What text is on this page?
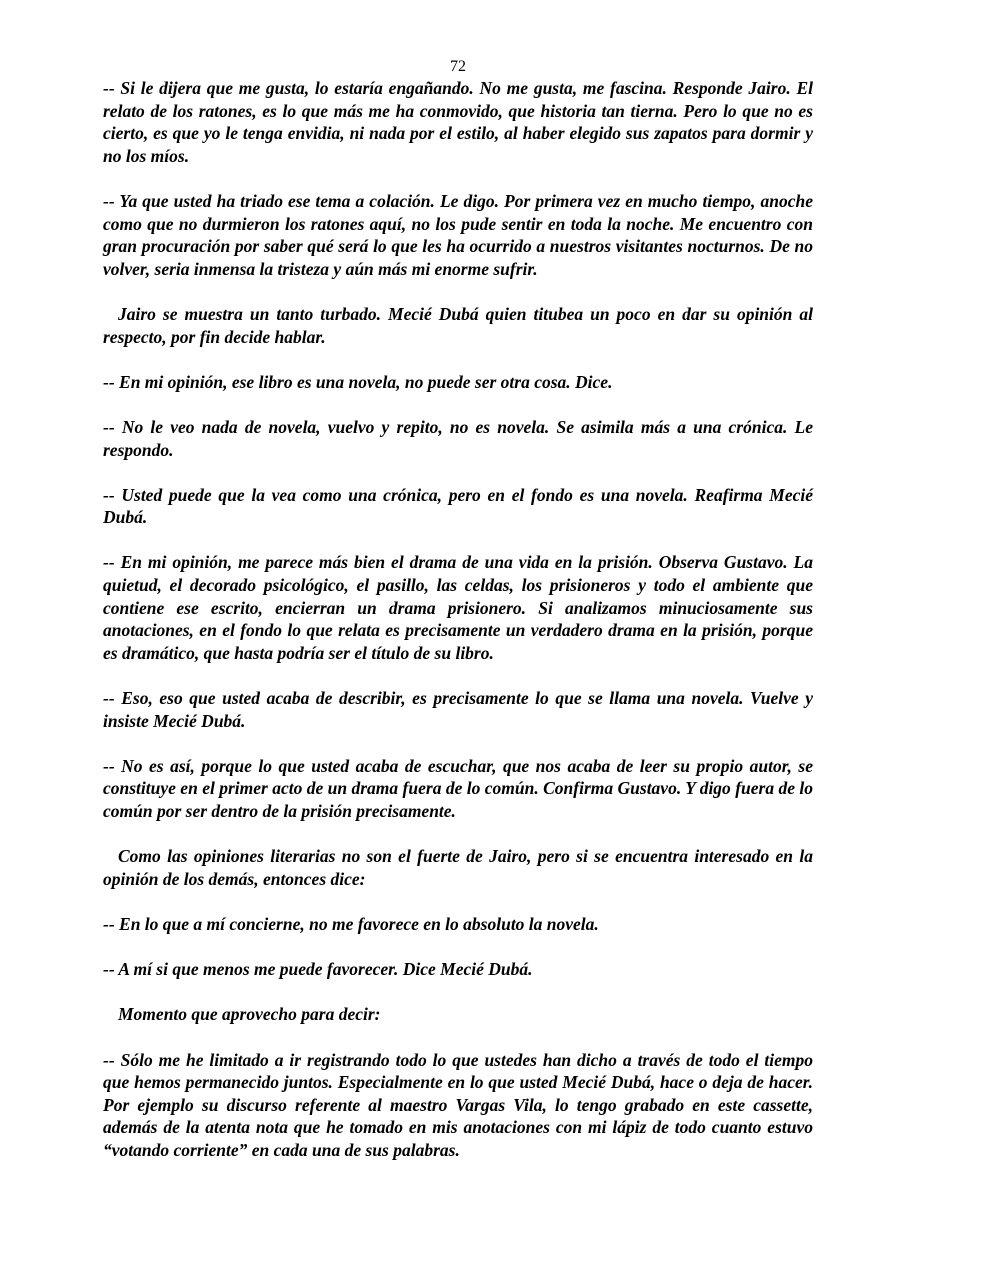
72

-- Si le dijera que me gusta, lo estaría engañando. No me gusta, me fascina. Responde Jairo. El relato de los ratones, es lo que más me ha conmovido, que historia tan tierna. Pero lo que no es cierto, es que yo le tenga envidia, ni nada por el estilo, al haber elegido sus zapatos para dormir y no los míos.

-- Ya que usted ha triado ese tema a colación. Le digo. Por primera vez en mucho tiempo, anoche como que no durmieron los ratones aquí, no los pude sentir en toda la noche. Me encuentro con gran procuración por saber qué será lo que les ha ocurrido a nuestros visitantes nocturnos. De no volver, seria inmensa la tristeza y aún más mi enorme sufrir.

Jairo se muestra un tanto turbado. Mecié Dubá quien titubea un poco en dar su opinión al respecto, por fin decide hablar.

-- En mi opinión, ese libro es una novela, no puede ser otra cosa. Dice.

-- No le veo nada de novela, vuelvo y repito, no es novela. Se asimila más a una crónica. Le respondo.

-- Usted puede que la vea como una crónica, pero en el fondo es una novela. Reafirma Mecié Dubá.

-- En mi opinión, me parece más bien el drama de una vida en la prisión. Observa Gustavo. La quietud, el decorado psicológico, el pasillo, las celdas, los prisioneros y todo el ambiente que contiene ese escrito, encierran un drama prisionero. Si analizamos minuciosamente sus anotaciones, en el fondo lo que relata es precisamente un verdadero drama en la prisión, porque es dramático, que hasta podría ser el título de su libro.

-- Eso, eso que usted acaba de describir, es precisamente lo que se llama una novela. Vuelve y insiste Mecié Dubá.

-- No es así, porque lo que usted acaba de escuchar, que nos acaba de leer su propio autor, se constituye en el primer acto de un drama fuera de lo común. Confirma Gustavo. Y digo fuera de lo común por ser dentro de la prisión precisamente.

Como las opiniones literarias no son el fuerte de Jairo, pero si se encuentra interesado en la opinión de los demás, entonces dice:

-- En lo que a mí concierne, no me favorece en lo absoluto la novela.

-- A mí si que menos me puede favorecer. Dice Mecié Dubá.

Momento que aprovecho para decir:

-- Sólo me he limitado a ir registrando todo lo que ustedes han dicho a través de todo el tiempo que hemos permanecido juntos. Especialmente en lo que usted Mecié Dubá, hace o deja de hacer. Por ejemplo su discurso referente al maestro Vargas Vila, lo tengo grabado en este cassette, además de la atenta nota que he tomado en mis anotaciones con mi lápiz de todo cuanto estuvo “votando corriente” en cada una de sus palabras.
